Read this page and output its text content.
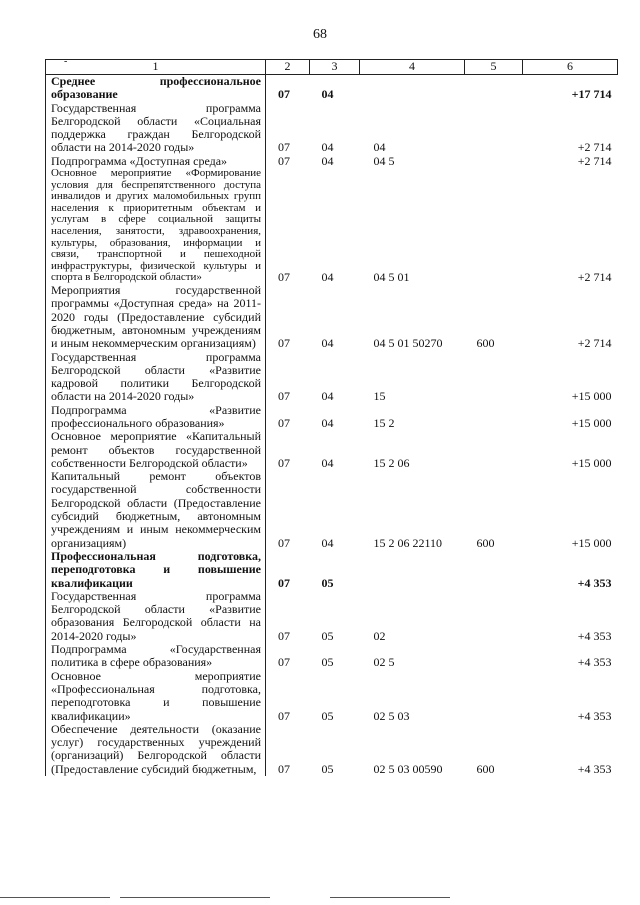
68
-	1	2	3	4	5	6
Среднее профессиональное образование	07	04			+17 714
Государственная программа Белгородской области «Социальная поддержка граждан Белгородской области на 2014-2020 годы»	07	04	04		+2 714
Подпрограмма «Доступная среда»	07	04	04 5		+2 714
Основное мероприятие «Формирование условия для беспрепятственного доступа инвалидов и других маломобильных групп населения к приоритетным объектам и услугам в сфере социальной защиты населения, занятости, здравоохранения, культуры, образования, информации и связи, транспортной и пешеходной инфраструктуры, физической культуры и спорта в Белгородской области»	07	04	04 5 01		+2 714
Мероприятия государственной программы «Доступная среда» на 2011-2020 годы (Предоставление субсидий бюджетным, автономным учреждениям и иным некоммерческим организациям)	07	04	04 5 01 50270	600	+2 714
Государственная программа Белгородской области «Развитие кадровой политики Белгородской области на 2014-2020 годы»	07	04	15		+15 000
Подпрограмма «Развитие профессионального образования»	07	04	15 2		+15 000
Основное мероприятие «Капитальный ремонт объектов государственной собственности Белгородской области»	07	04	15 2 06		+15 000
Капитальный ремонт объектов государственной собственности Белгородской области (Предоставление субсидий бюджетным, автономным учреждениям и иным некоммерческим организациям)	07	04	15 2 06 22110	600	+15 000
Профессиональная подготовка, переподготовка и повышение квалификации	07	05			+4 353
Государственная программа Белгородской области «Развитие образования Белгородской области на 2014-2020 годы»	07	05	02		+4 353
Подпрограмма «Государственная политика в сфере образования»	07	05	02 5		+4 353
Основное мероприятие «Профессиональная подготовка, переподготовка и повышение квалификации»	07	05	02 5 03		+4 353
Обеспечение деятельности (оказание услуг) государственных учреждений (организаций) Белгородской области (Предоставление субсидий бюджетным,	07	05	02 5 03 00590	600	+4 353
